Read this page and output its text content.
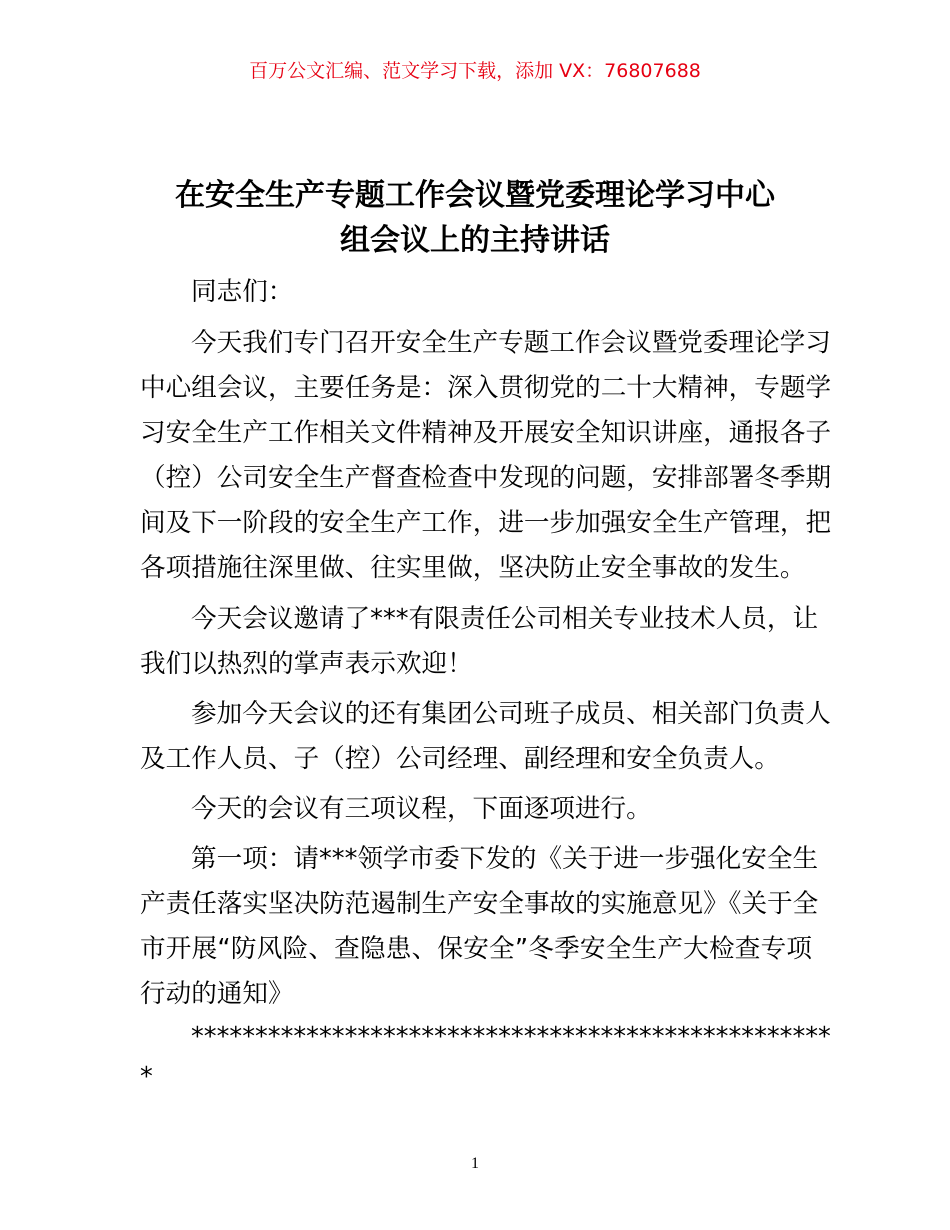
百万公文汇编、范文学习下载，添加 VX：76807688
在安全生产专题工作会议暨党委理论学习中心
组会议上的主持讲话
同志们：
今天我们专门召开安全生产专题工作会议暨党委理论学习
中心组会议，主要任务是：深入贯彻党的二十大精神，专题学
习安全生产工作相关文件精神及开展安全知识讲座，通报各子
（控）公司安全生产督查检查中发现的问题，安排部署冬季期
间及下一阶段的安全生产工作，进一步加强安全生产管理，把
各项措施往深里做、往实里做，坚决防止安全事故的发生。
今天会议邀请了***有限责任公司相关专业技术人员，让
我们以热烈的掌声表示欢迎！
参加今天会议的还有集团公司班子成员、相关部门负责人
及工作人员、子（控）公司经理、副经理和安全负责人。
今天的会议有三项议程，下面逐项进行。
第一项：请***领学市委下发的《关于进一步强化安全生
产责任落实坚决防范遏制生产安全事故的实施意见》《关于全
市开展“防风险、查隐患、保安全”冬季安全生产大检查专项
行动的通知》
**************************************************
*
1
